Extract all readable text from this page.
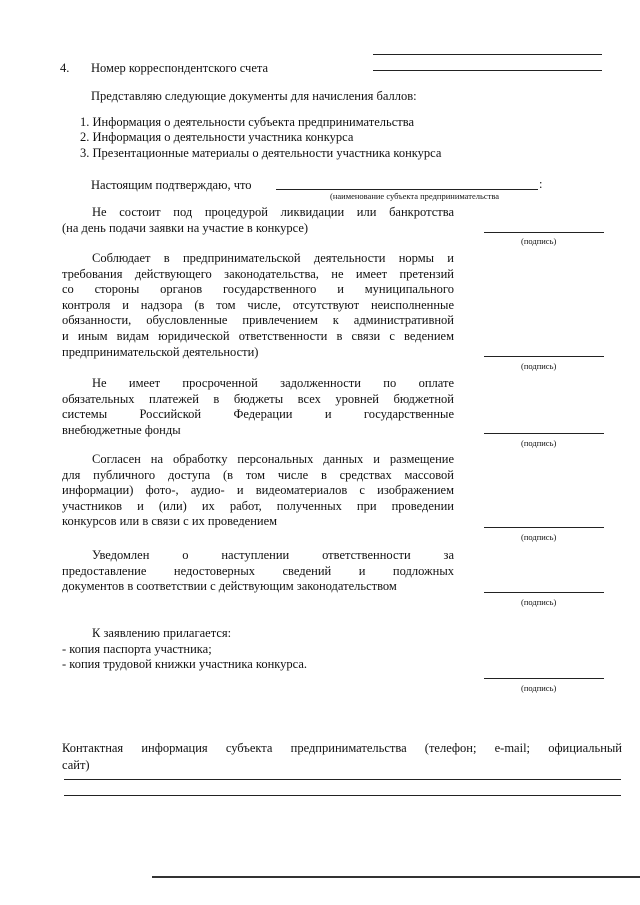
4. Номер корреспондентского счета
Представляю следующие документы для начисления баллов:
1. Информация о деятельности субъекта предпринимательства
2. Информация о деятельности участника конкурса
3. Презентационные материалы о деятельности участника конкурса
Настоящим подтверждаю, что	:
(наименование субъекта предпринимательства
Не состоит под процедурой ликвидации или банкротства
(на день подачи заявки на участие в конкурсе)
(подпись)
Соблюдает в предпринимательской деятельности нормы и
требования действующего законодательства, не имеет претензий
со стороны органов государственного и муниципального
контроля и надзора (в том числе, отсутствуют неисполненные
обязанности, обусловленные привлечением к административной
и иным видам юридической ответственности в связи с ведением
предпринимательской деятельности)
(подпись)
Не имеет просроченной задолженности по оплате
обязательных платежей в бюджеты всех уровней бюджетной
системы Российской Федерации и государственные
внебюджетные фонды
(подпись)
Согласен на обработку персональных данных и размещение
для публичного доступа (в том числе в средствах массовой
информации) фото-, аудио- и видеоматериалов с изображением
участников и (или) их работ, полученных при проведении
конкурсов или в связи с их проведением
(подпись)
Уведомлен о наступлении ответственности за
предоставление недостоверных сведений и подложных
документов в соответствии с действующим законодательством
(подпись)
К заявлению прилагается:
- копия паспорта участника;
- копия трудовой книжки участника конкурса.
(подпись)
Контактная информация субъекта предпринимательства (телефон; e-mail; официальный
сайт)
